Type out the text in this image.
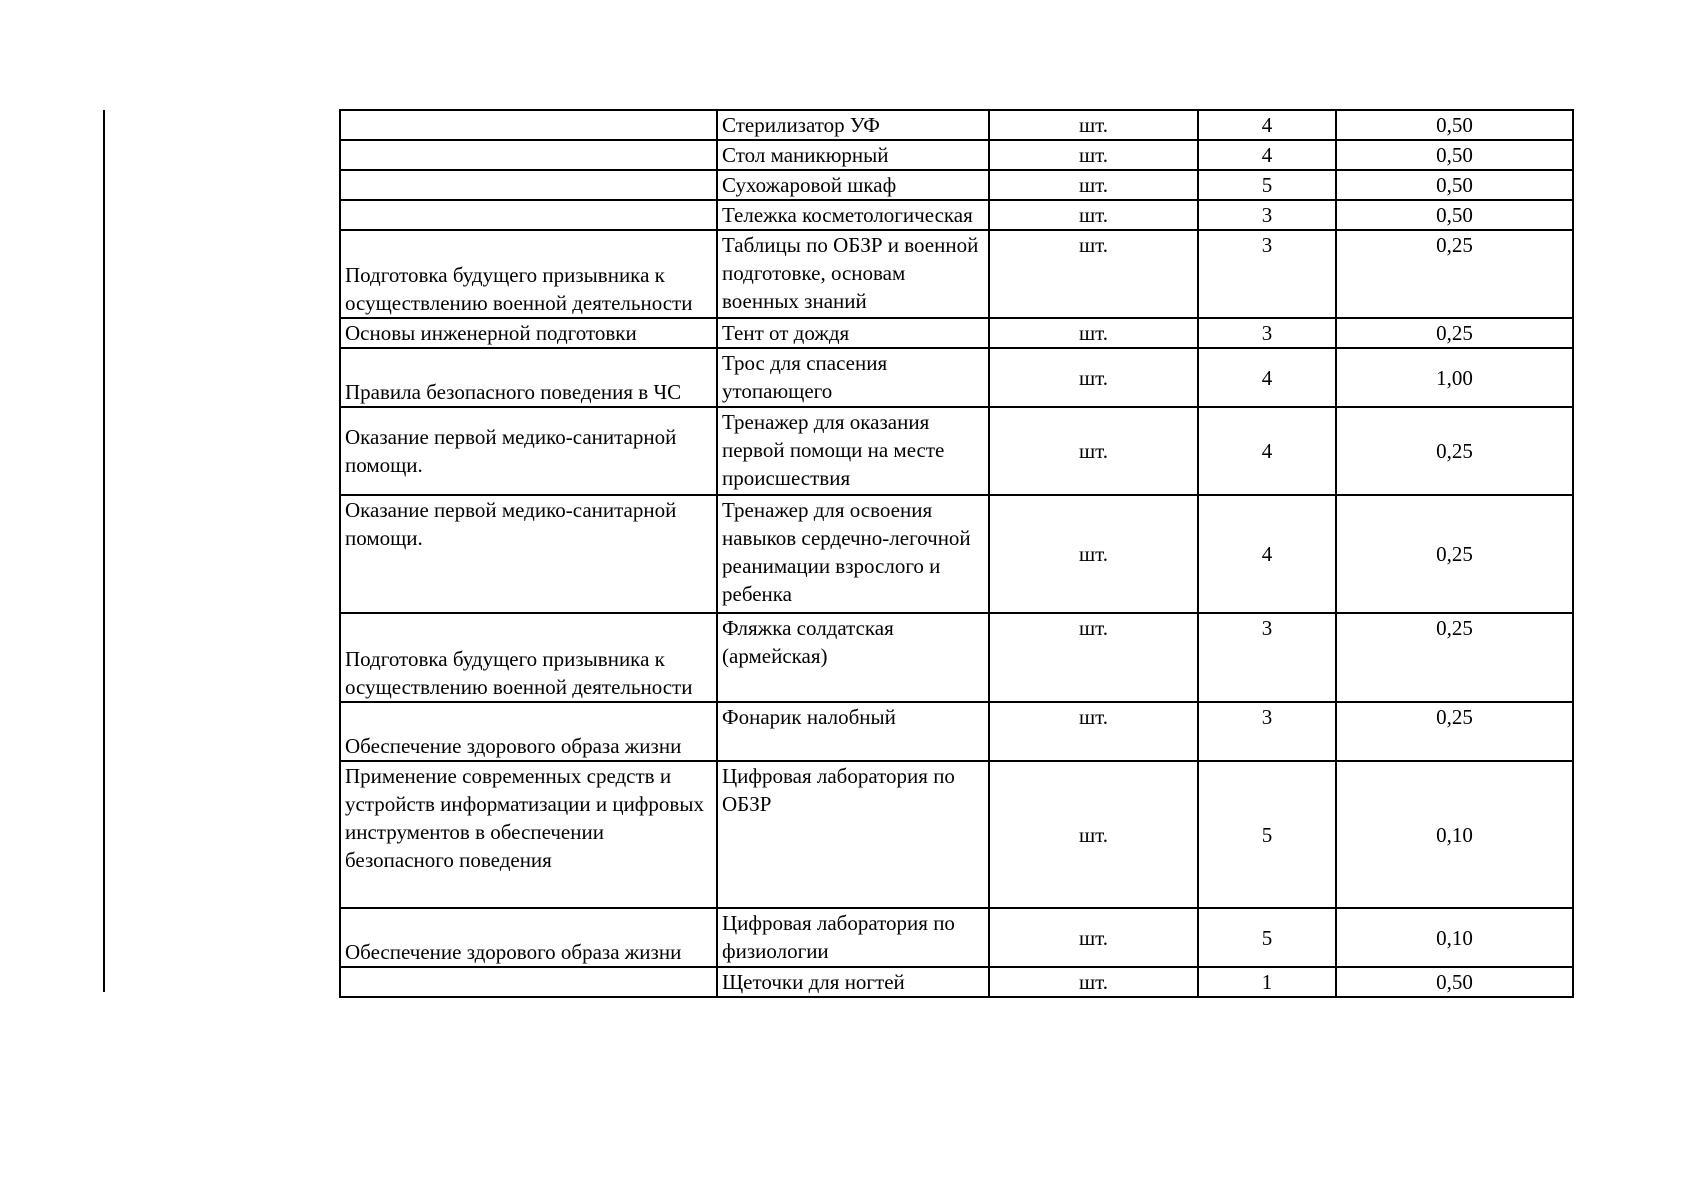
	Стерилизатор УФ	шт.	4	0,50
	Стол маникюрный	шт.	4	0,50
	Сухожаровой шкаф	шт.	5	0,50
	Тележка косметологическая	шт.	3	0,50
Подготовка будущего призывника к осуществлению военной деятельности	Таблицы по ОБЗР и военной подготовке, основам военных знаний	шт.	3	0,25
Основы инженерной подготовки	Тент от дождя	шт.	3	0,25
Правила безопасного поведения в ЧС	Трос для спасения утопающего	шт.	4	1,00
Оказание первой медико-санитарной помощи.	Тренажер для оказания первой помощи на месте происшествия	шт.	4	0,25
Оказание первой медико-санитарной помощи.	Тренажер для освоения навыков сердечно-легочной реанимации взрослого и ребенка	шт.	4	0,25
Подготовка будущего призывника к осуществлению военной деятельности	Фляжка солдатская (армейская)	шт.	3	0,25
Обеспечение здорового образа жизни	Фонарик налобный	шт.	3	0,25
Применение современных средств и устройств информатизации и цифровых инструментов в обеспечении безопасного поведения	Цифровая лаборатория по ОБЗР	шт.	5	0,10
Обеспечение здорового образа жизни	Цифровая лаборатория по физиологии	шт.	5	0,10
	Щеточки для ногтей	шт.	1	0,50
